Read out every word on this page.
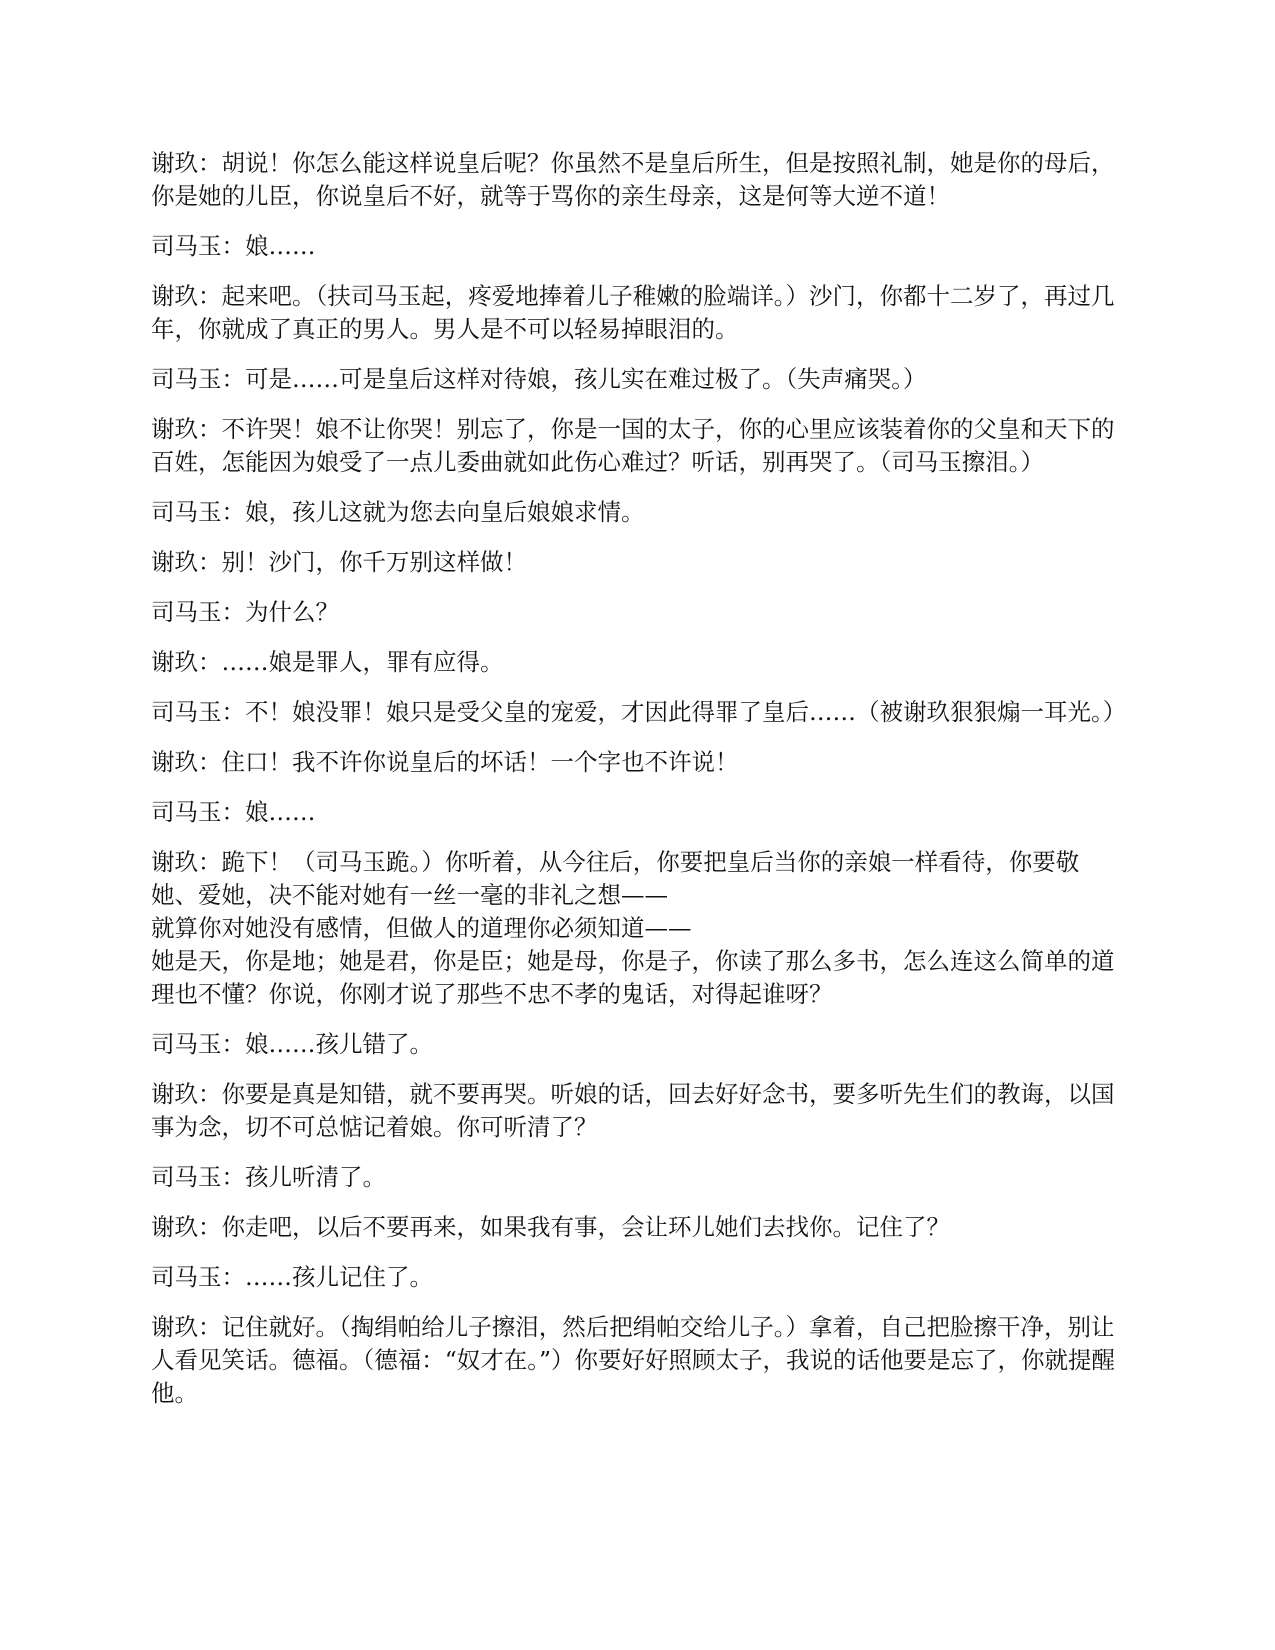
谢玖：胡说！你怎么能这样说皇后呢？你虽然不是皇后所生，但是按照礼制，她是你的母后，你是她的儿臣，你说皇后不好，就等于骂你的亲生母亲，这是何等大逆不道！

司马玉：娘……

谢玖：起来吧。（扶司马玉起，疼爱地捧着儿子稚嫩的脸端详。）沙门，你都十二岁了，再过几年，你就成了真正的男人。男人是不可以轻易掉眼泪的。

司马玉：可是……可是皇后这样对待娘，孩儿实在难过极了。（失声痛哭。）

谢玖：不许哭！娘不让你哭！别忘了，你是一国的太子，你的心里应该装着你的父皇和天下的百姓，怎能因为娘受了一点儿委曲就如此伤心难过？听话，别再哭了。（司马玉擦泪。）

司马玉：娘，孩儿这就为您去向皇后娘娘求情。

谢玖：别！沙门，你千万别这样做！

司马玉：为什么？

谢玖：……娘是罪人，罪有应得。

司马玉：不！娘没罪！娘只是受父皇的宠爱，才因此得罪了皇后……（被谢玖狠狠煽一耳光。）

谢玖：住口！我不许你说皇后的坏话！一个字也不许说！

司马玉：娘……

谢玖：跪下！（司马玉跪。）你听着，从今往后，你要把皇后当你的亲娘一样看待，你要敬她、爱她，决不能对她有一丝一毫的非礼之想——
就算你对她没有感情，但做人的道理你必须知道——
她是天，你是地；她是君，你是臣；她是母，你是子，你读了那么多书，怎么连这么简单的道理也不懂？你说，你刚才说了那些不忠不孝的鬼话，对得起谁呀？

司马玉：娘……孩儿错了。

谢玖：你要是真是知错，就不要再哭。听娘的话，回去好好念书，要多听先生们的教诲，以国事为念，切不可总惦记着娘。你可听清了？

司马玉：孩儿听清了。

谢玖：你走吧，以后不要再来，如果我有事，会让环儿她们去找你。记住了？

司马玉：……孩儿记住了。

谢玖：记住就好。（掏绢帕给儿子擦泪，然后把绢帕交给儿子。）拿着，自己把脸擦干净，别让人看见笑话。德福。（德福：“奴才在。”）你要好好照顾太子，我说的话他要是忘了，你就提醒他。
